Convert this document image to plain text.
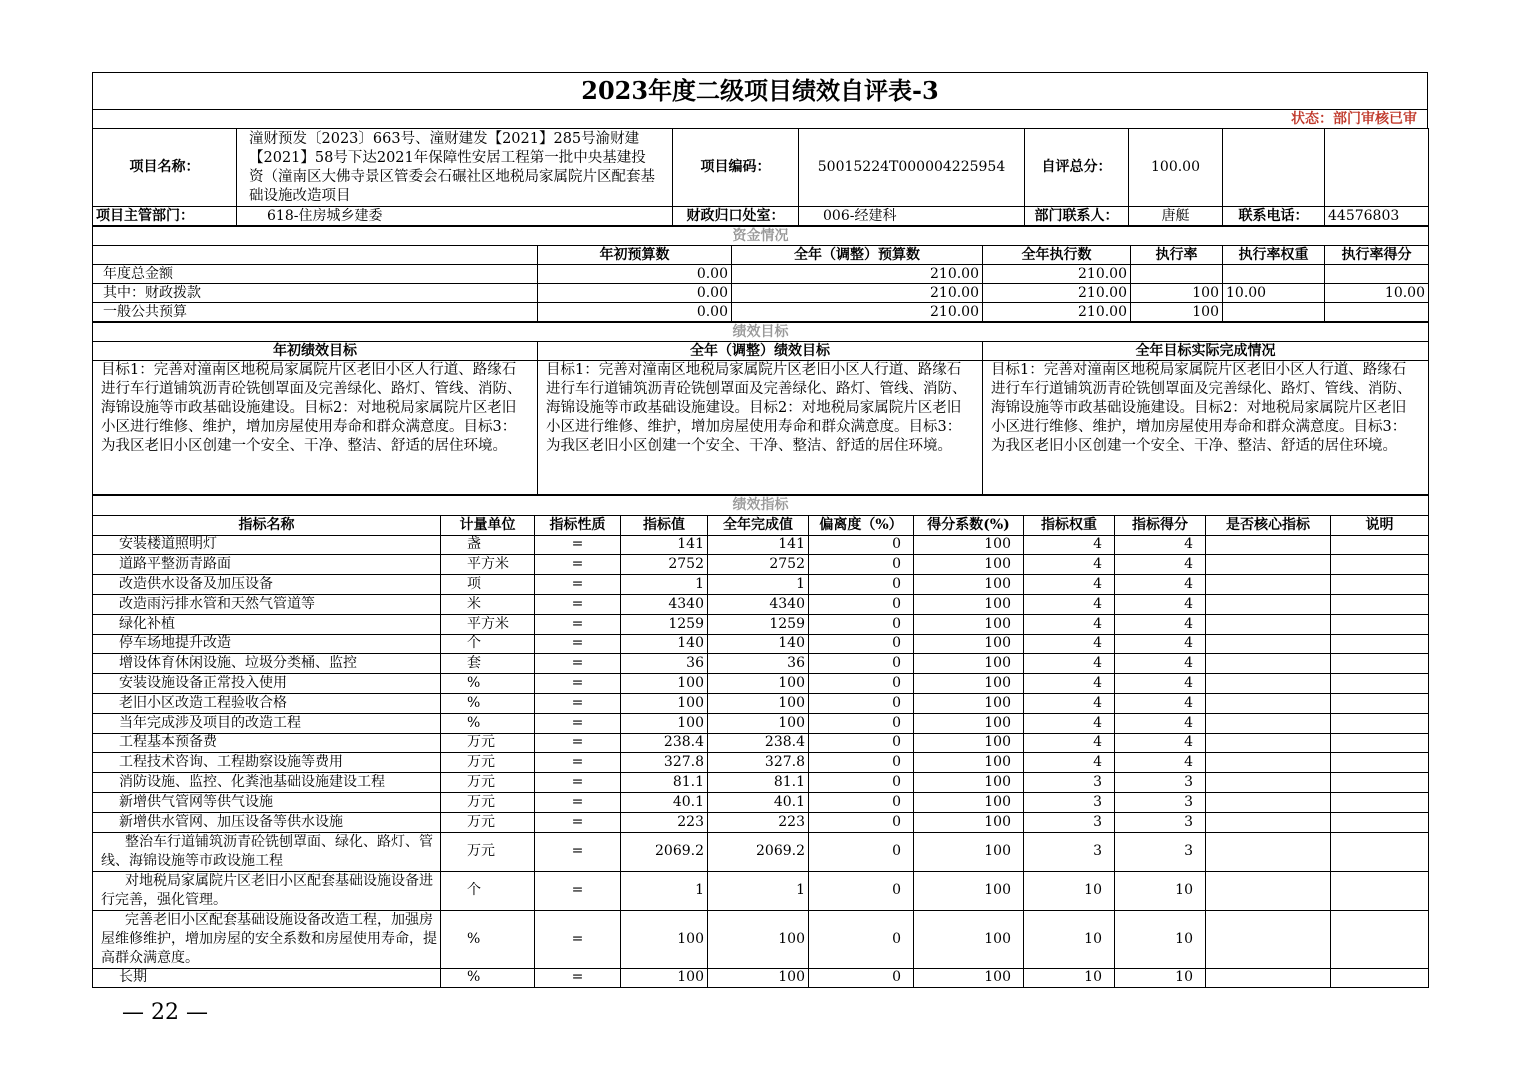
2023年度二级项目绩效自评表-3
状态：部门审核已审
项目名称：	潼财预发〔2023〕663号、潼财建发【2021】285号渝财建【2021】58号下达2021年保障性安居工程第一批中央基建投资（潼南区大佛寺景区管委会石碾社区地税局家属院片区配套基础设施改造项目	项目编码：	50015224T000004225954	自评总分：	100.00		
项目主管部门：	618-住房城乡建委	财政归口处室：	006-经建科	部门联系人：	唐艇	联系电话：	44576803
资金情况						
	年初预算数	全年（调整）预算数	全年执行数	执行率	执行率权重	执行率得分
年度总金额	0.00	210.00	210.00			
其中：财政拨款	0.00	210.00	210.00	100	10.00	10.00
一般公共预算	0.00	210.00	210.00	100		
绩效目标		
年初绩效目标	全年（调整）绩效目标	全年目标实际完成情况
目标1：完善对潼南区地税局家属院片区老旧小区人行道、路缘石进行车行道铺筑沥青砼铣刨罩面及完善绿化、路灯、管线、消防、海锦设施等市政基础设施建设。目标2：对地税局家属院片区老旧小区进行维修、维护，增加房屋使用寿命和群众满意度。目标3：为我区老旧小区创建一个安全、干净、整洁、舒适的居住环境。	目标1：完善对潼南区地税局家属院片区老旧小区人行道、路缘石进行车行道铺筑沥青砼铣刨罩面及完善绿化、路灯、管线、消防、海锦设施等市政基础设施建设。目标2：对地税局家属院片区老旧小区进行维修、维护，增加房屋使用寿命和群众满意度。目标3：为我区老旧小区创建一个安全、干净、整洁、舒适的居住环境。	目标1：完善对潼南区地税局家属院片区老旧小区人行道、路缘石进行车行道铺筑沥青砼铣刨罩面及完善绿化、路灯、管线、消防、海锦设施等市政基础设施建设。目标2：对地税局家属院片区老旧小区进行维修、维护，增加房屋使用寿命和群众满意度。目标3：为我区老旧小区创建一个安全、干净、整洁、舒适的居住环境。
绩效指标										
指标名称	计量单位	指标性质	指标值	全年完成值	偏离度（%）	得分系数(%)	指标权重	指标得分	是否核心指标	说明
安装楼道照明灯	盏	=	141	141	0	100	4	4		
道路平整沥青路面	平方米	=	2752	2752	0	100	4	4		
改造供水设备及加压设备	项	=	1	1	0	100	4	4		
改造雨污排水管和天然气管道等	米	=	4340	4340	0	100	4	4		
绿化补植	平方米	=	1259	1259	0	100	4	4		
停车场地提升改造	个	=	140	140	0	100	4	4		
增设体育休闲设施、垃圾分类桶、监控	套	=	36	36	0	100	4	4		
安装设施设备正常投入使用	%	=	100	100	0	100	4	4		
老旧小区改造工程验收合格	%	=	100	100	0	100	4	4		
当年完成涉及项目的改造工程	%	=	100	100	0	100	4	4		
工程基本预备费	万元	=	238.4	238.4	0	100	4	4		
工程技术咨询、工程勘察设施等费用	万元	=	327.8	327.8	0	100	4	4		
消防设施、监控、化粪池基础设施建设工程	万元	=	81.1	81.1	0	100	3	3		
新增供气管网等供气设施	万元	=	40.1	40.1	0	100	3	3		
新增供水管网、加压设备等供水设施	万元	=	223	223	0	100	3	3		
整治车行道铺筑沥青砼铣刨罩面、绿化、路灯、管线、海锦设施等市政设施工程	万元	=	2069.2	2069.2	0	100	3	3		
对地税局家属院片区老旧小区配套基础设施设备进行完善，强化管理。	个	=	1	1	0	100	10	10		
完善老旧小区配套基础设施设备改造工程，加强房屋维修维护，增加房屋的安全系数和房屋使用寿命，提高群众满意度。	%	=	100	100	0	100	10	10		
长期	%	=	100	100	0	100	10	10		
— 22 —
